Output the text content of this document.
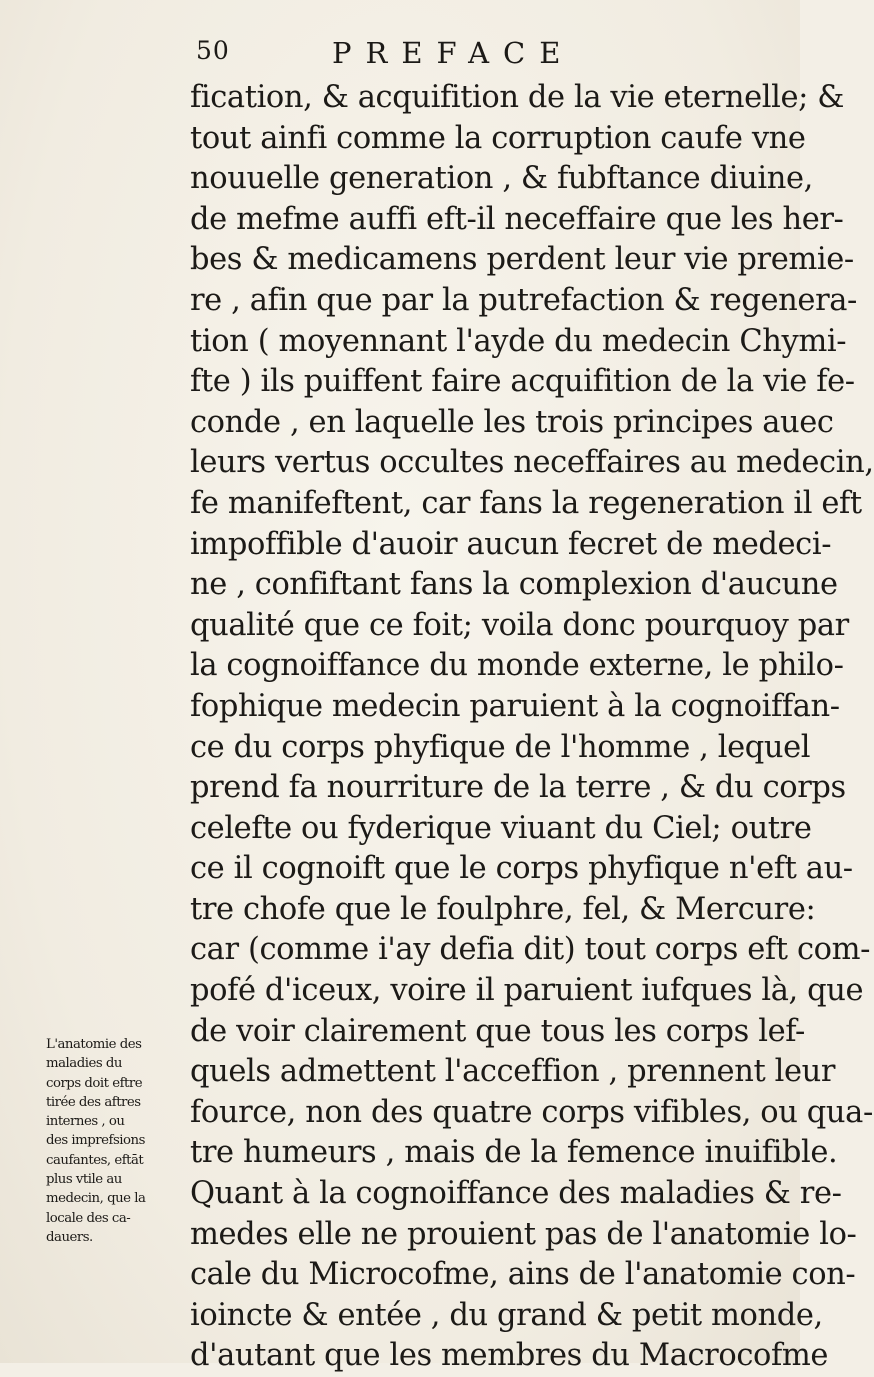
50	PREFACE
fication, & acquifition de la vie eternelle; &
tout ainfi comme la corruption caufe vne
nouuelle generation , & fubftance diuine,
de mefme auffi eft-il neceffaire que les her-
bes & medicamens perdent leur vie premie-
re , afin que par la putrefaction & regenera-
tion ( moyennant l'ayde du medecin Chymi-
fte ) ils puiffent faire acquifition de la vie fe-
conde , en laquelle les trois principes auec
leurs vertus occultes neceffaires au medecin,
fe manifeftent, car fans la regeneration il eft
impoffible d'auoir aucun fecret de medeci-
ne , confiftant fans la complexion d'aucune
qualité que ce foit; voila donc pourquoy par
la cognoiffance du monde externe, le philo-
fophique medecin paruient à la cognoiffan-
ce du corps phyfique de l'homme , lequel
prend fa nourriture de la terre , & du corps
celefte ou fyderique viuant du Ciel; outre
ce il cognoift que le corps phyfique n'eft au-
tre chofe que le foulphre, fel, & Mercure:
car (comme i'ay defia dit) tout corps eft com-
pofé d'iceux, voire il paruient iufques là, que
de voir clairement que tous les corps lef-
quels admettent l'acceffion , prennent leur
fource, non des quatre corps vifibles, ou qua-
tre humeurs , mais de la femence inuifible.
Quant à la cognoiffance des maladies & re-
medes elle ne prouient pas de l'anatomie lo-
cale du Microcofme, ains de l'anatomie con-
ioincte & entée , du grand & petit monde,
d'autant que les membres du Macrocofme
L'anatomie des
maladies du
corps doit eftre
tirée des aftres
internes , ou
des imprefsions
caufantes, eftāt
plus vtile au
medecin, que la
locale des ca-
dauers.
